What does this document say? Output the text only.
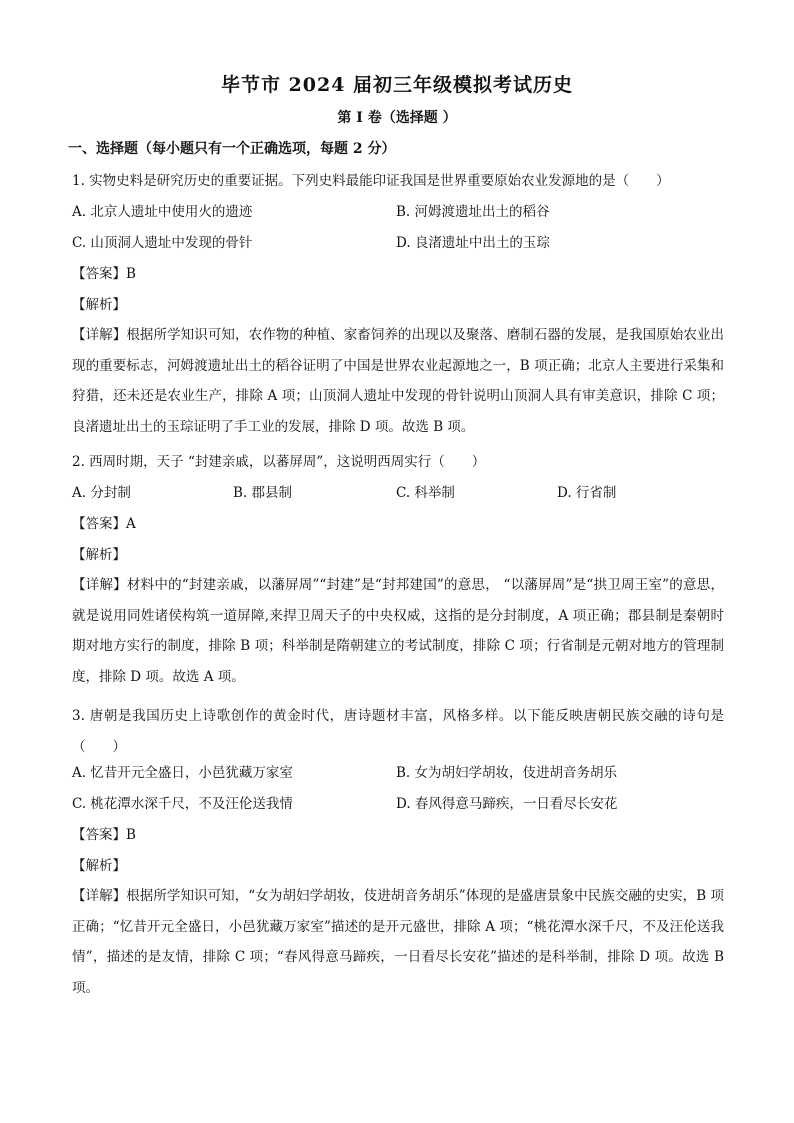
毕节市 2024 届初三年级模拟考试历史
第 I 卷（选择题 ）
一、选择题（每小题只有一个正确选项，每题 2 分）
1. 实物史料是研究历史的重要证据。下列史料最能印证我国是世界重要原始农业发源地的是（　　）
A. 北京人遗址中使用火的遗迹	B. 河姆渡遗址出土的稻谷
C. 山顶洞人遗址中发现的骨针	D. 良渚遗址中出土的玉琮
【答案】B
【解析】
【详解】根据所学知识可知，农作物的种植、家畜饲养的出现以及聚落、磨制石器的发展，是我国原始农业出现的重要标志，河姆渡遗址出土的稻谷证明了中国是世界农业起源地之一，B 项正确；北京人主要进行采集和狩猎，还未还是农业生产，排除 A 项；山顶洞人遗址中发现的骨针说明山顶洞人具有审美意识，排除 C 项；良渚遗址出土的玉琮证明了手工业的发展，排除 D 项。故选 B 项。
2. 西周时期，天子 “封建亲戚，以蕃屏周”，这说明西周实行（　　）
A. 分封制	B. 郡县制	C. 科举制	D. 行省制
【答案】A
【解析】
【详解】材料中的“封建亲戚，以藩屏周”“封建”是“封邦建国”的意思， “以藩屏周”是“拱卫周王室”的意思，就是说用同姓诸侯构筑一道屏障,来捍卫周天子的中央权威，这指的是分封制度，A 项正确；郡县制是秦朝时期对地方实行的制度，排除 B 项；科举制是隋朝建立的考试制度，排除 C 项；行省制是元朝对地方的管理制度，排除 D 项。故选 A 项。
3. 唐朝是我国历史上诗歌创作的黄金时代，唐诗题材丰富，风格多样。以下能反映唐朝民族交融的诗句是（　　）
A. 忆昔开元全盛日，小邑犹藏万家室	B. 女为胡妇学胡妆，伎进胡音务胡乐
C. 桃花潭水深千尺，不及汪伦送我情	D. 春风得意马蹄疾，一日看尽长安花
【答案】B
【解析】
【详解】根据所学知识可知，“女为胡妇学胡妆，伎进胡音务胡乐”体现的是盛唐景象中民族交融的史实，B 项正确；“忆昔开元全盛日，小邑犹藏万家室”描述的是开元盛世，排除 A 项；“桃花潭水深千尺，不及汪伦送我情”，描述的是友情，排除 C 项；“春风得意马蹄疾，一日看尽长安花”描述的是科举制，排除 D 项。故选 B 项。
